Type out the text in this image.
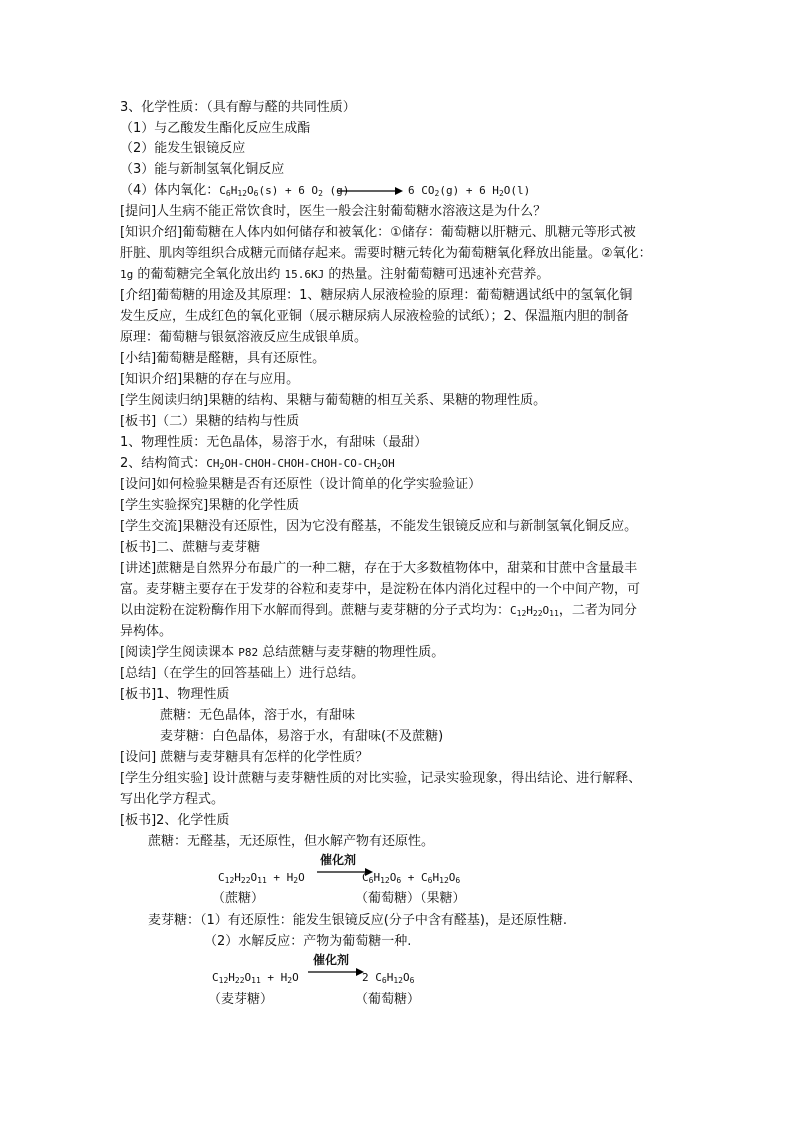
3、化学性质：（具有醇与醛的共同性质）
（1）与乙酸发生酯化反应生成酯
（2）能发生银镜反应
（3）能与新制氢氧化铜反应
（4）体内氧化：$C_6H_{12}O_6(s) + 6$ $O_2$ (g)	6 $CO_2(g) + 6$ $H_2O(l)$
[提问]人生病不能正常饮食时，医生一般会注射葡萄糖水溶液这是为什么？
[知识介绍]葡萄糖在人体内如何储存和被氧化：①储存：葡萄糖以肝糖元、肌糖元等形式被
肝脏、肌肉等组织合成糖元而储存起来。需要时糖元转化为葡萄糖氧化释放出能量。②氧化：
1g 的葡萄糖完全氧化放出约 15.6KJ 的热量。注射葡萄糖可迅速补充营养。
[介绍]葡萄糖的用途及其原理：1、糖尿病人尿液检验的原理：葡萄糖遇试纸中的氢氧化铜
发生反应，生成红色的氧化亚铜（展示糖尿病人尿液检验的试纸）；2、保温瓶内胆的制备
原理：葡萄糖与银氨溶液反应生成银单质。
[小结]葡萄糖是醛糖，具有还原性。
[知识介绍]果糖的存在与应用。
[学生阅读归纳]果糖的结构、果糖与葡萄糖的相互关系、果糖的物理性质。
[板书]（二）果糖的结构与性质
1、物理性质：无色晶体，易溶于水，有甜味（最甜）
2、结构简式：$CH_2OH-CHOH-CHOH-CHOH-CO-CH_2OH$
[设问]如何检验果糖是否有还原性（设计简单的化学实验验证）
[学生实验探究]果糖的化学性质
[学生交流]果糖没有还原性，因为它没有醛基，不能发生银镜反应和与新制氢氧化铜反应。
[板书]二、蔗糖与麦芽糖
[讲述]蔗糖是自然界分布最广的一种二糖，存在于大多数植物体中，甜菜和甘蔗中含量最丰
富。麦芽糖主要存在于发芽的谷粒和麦芽中，是淀粉在体内消化过程中的一个中间产物，可
以由淀粉在淀粉酶作用下水解而得到。蔗糖与麦芽糖的分子式均为：$C_{12}H_{22}O_{11}$，二者为同分
异构体。
[阅读]学生阅读课本 P82 总结蔗糖与麦芽糖的物理性质。
[总结]（在学生的回答基础上）进行总结。
[板书]1、物理性质
蔗糖：无色晶体，溶于水，有甜味
麦芽糖：白色晶体，易溶于水，有甜味(不及蔗糖)
[设问] 蔗糖与麦芽糖具有怎样的化学性质？
[学生分组实验] 设计蔗糖与麦芽糖性质的对比实验，记录实验现象，得出结论、进行解释、
写出化学方程式。
[板书]2、化学性质
蔗糖：无醛基，无还原性，但水解产物有还原性。
催化剂
$C_{12}H_{22}O_{11} + H_2O$	$C_6H_{12}O_6 + C_6H_{12}O_6$
（蔗糖）	（葡萄糖）（果糖）
麦芽糖：（1）有还原性：能发生银镜反应(分子中含有醛基)，是还原性糖.
（2）水解反应：产物为葡萄糖一种.
催化剂
$C_{12}H_{22}O_{11} + H_2O$	2 $C_6H_{12}O_6$
（麦芽糖）	（葡萄糖）
